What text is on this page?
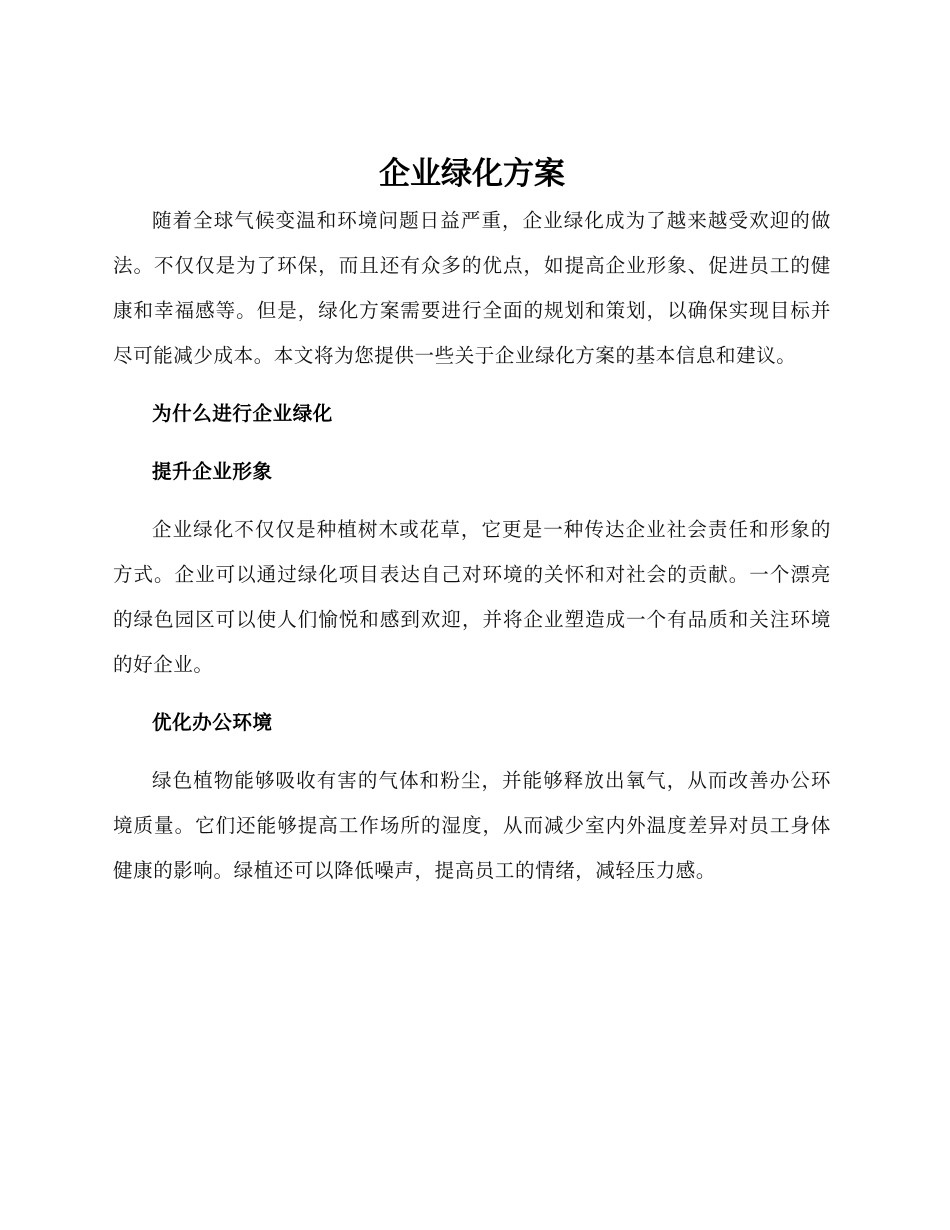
企业绿化方案

随着全球气候变温和环境问题日益严重，企业绿化成为了越来越受欢迎的做法。不仅仅是为了环保，而且还有众多的优点，如提高企业形象、促进员工的健康和幸福感等。但是，绿化方案需要进行全面的规划和策划，以确保实现目标并尽可能减少成本。本文将为您提供一些关于企业绿化方案的基本信息和建议。

为什么进行企业绿化

提升企业形象

企业绿化不仅仅是种植树木或花草，它更是一种传达企业社会责任和形象的方式。企业可以通过绿化项目表达自己对环境的关怀和对社会的贡献。一个漂亮的绿色园区可以使人们愉悦和感到欢迎，并将企业塑造成一个有品质和关注环境的好企业。

优化办公环境

绿色植物能够吸收有害的气体和粉尘，并能够释放出氧气，从而改善办公环境质量。它们还能够提高工作场所的湿度，从而减少室内外温度差异对员工身体健康的影响。绿植还可以降低噪声，提高员工的情绪，减轻压力感。
